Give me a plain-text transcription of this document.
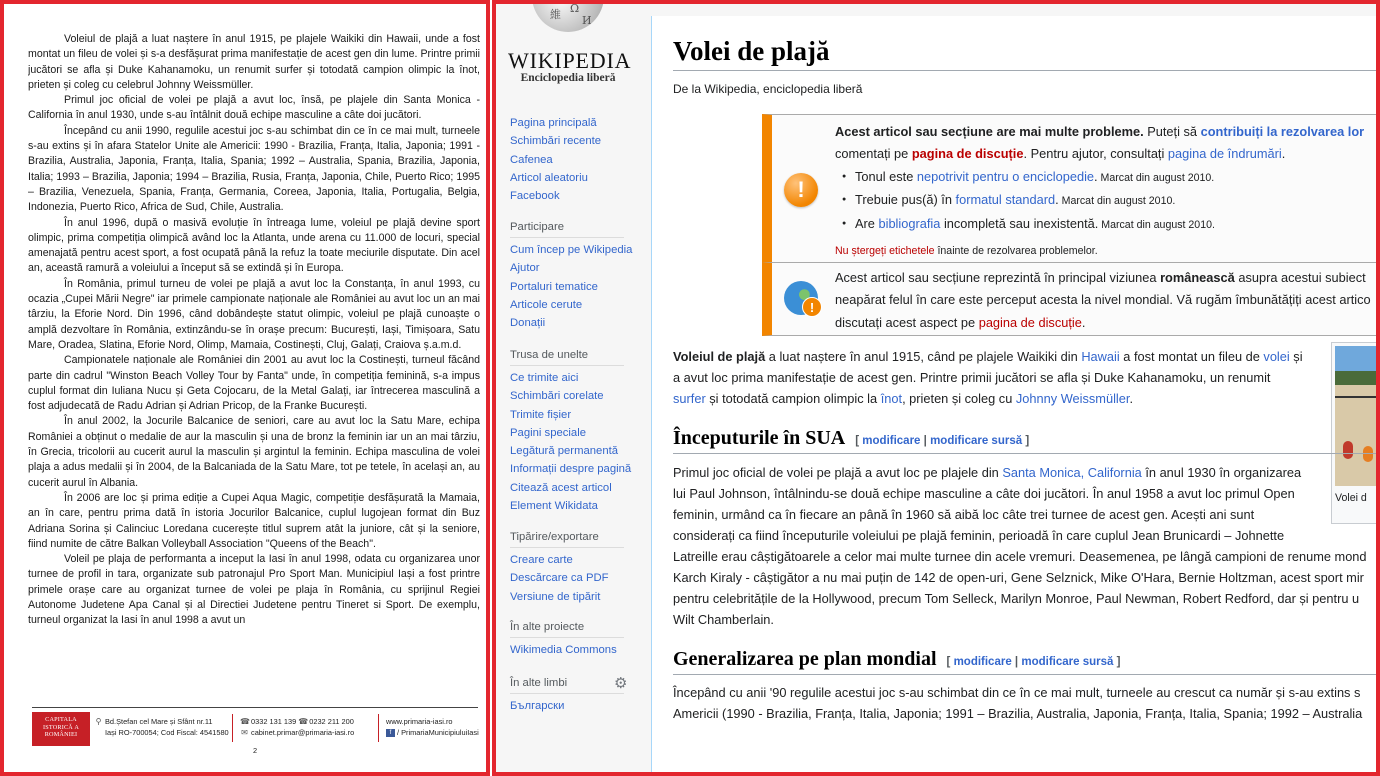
Voleiul de plajă a luat naștere în anul 1915, pe plajele Waikiki din Hawaii, unde a fost montat un fileu de volei și s-a desfășurat prima manifestație de acest gen din lume. Printre primii jucători se afla și Duke Kahanamoku, un renumit surfer și totodată campion olimpic la înot, prieten și coleg cu celebrul Johnny Weissmüller.

Primul joc oficial de volei pe plajă a avut loc, însă, pe plajele din Santa Monica - California în anul 1930, unde s-au întâlnit două echipe masculine a câte doi jucători.

Începând cu anii 1990, regulile acestui joc s-au schimbat din ce în ce mai mult, turneele s-au extins și în afara Statelor Unite ale Americii: 1990 - Brazilia, Franța, Italia, Japonia; 1991 - Brazilia, Australia, Japonia, Franța, Italia, Spania; 1992 – Australia, Spania, Brazilia, Japonia, Italia; 1993 – Brazilia, Japonia; 1994 – Brazilia, Rusia, Franța, Japonia, Chile, Puerto Rico; 1995 – Brazilia, Venezuela, Spania, Franța, Germania, Coreea, Japonia, Italia, Portugalia, Belgia, Indonezia, Puerto Rico, Africa de Sud, Chile, Australia.

În anul 1996, după o masivă evoluție în întreaga lume, voleiul pe plajă devine sport olimpic, prima competiția olimpică având loc la Atlanta, unde arena cu 11.000 de locuri, special amenajată pentru acest sport, a fost ocupată până la refuz la toate meciurile disputate. Din acel an, această ramură a voleiului a început să se extindă și în Europa.

În România, primul turneu de volei pe plajă a avut loc la Constanța, în anul 1993, cu ocazia „Cupei Mării Negre" iar primele campionate naționale ale României au avut loc un an mai târziu, la Eforie Nord. Din 1996, când dobândește statut olimpic, voleiul pe plajă cunoaște o amplă dezvoltare în România, extinzându-se în orașe precum: București, Iași, Timișoara, Satu Mare, Oradea, Slatina, Eforie Nord, Olimp, Mamaia, Costinești, Cluj, Galați, Craiova ș.a.m.d.

Campionatele naționale ale României din 2001 au avut loc la Costinești, turneul făcând parte din cadrul "Winston Beach Volley Tour by Fanta" unde, în competiția feminină, s-a impus cuplul format din Iuliana Nucu și Geta Cojocaru, de la Metal Galați, iar întrecerea masculină a fost adjudecată de Radu Adrian și Adrian Pricop, de la Franke București.

În anul 2002, la Jocurile Balcanice de seniori, care au avut loc la Satu Mare, echipa României a obținut o medalie de aur la masculin și una de bronz la feminin iar un an mai târziu, în Grecia, tricolorii au cucerit aurul la masculin și argintul la feminin. Echipa masculina de volei plaja a adus medalii și în 2004, de la Balcaniada de la Satu Mare, tot pe tetele, în același an, au cucerit aurul în Albania.

În 2006 are loc și prima ediție a Cupei Aqua Magic, competiție desfășurată la Mamaia, an în care, pentru prima dată în istoria Jocurilor Balcanice, cuplul lugojean format din Buz Adriana Sorina și Calinciuc Loredana cucerește titlul suprem atât la juniore, cât și la seniore, fiind numite de către Balkan Volleyball Association "Queens of the Beach".

Voleil pe plaja de performanta a inceput la Iasi în anul 1998, odata cu organizarea unor turnee de profil in tara, organizate sub patronajul Pro Sport Man. Municipiul Iași a fost printre primele orașe care au organizat turnee de volei pe plaja în România, cu sprijinul Regiei Autonome Judetene Apa Canal și al Directiei Judetene pentru Tineret si Sport. De exemplu, turneul organizat la Iasi în anul 1998 a avut un

CAPITALA ISTORICĂ A ROMÂNIEI
⚲ Bd.Ștefan cel Mare și Sfânt nr.11
Iași RO-700054; Cod Fiscal: 4541580
☎ 0332 131 139 ☎ 0232 211 200
✉ cabinet.primar@primaria-iasi.ro
www.primaria-iasi.ro
f / PrimariaMunicipiuluiIasi
2
維 Ω
И
WIKIPEDIA
Enciclopedia liberă
Pagina principală
Schimbări recente
Cafenea
Articol aleatoriu
Facebook
Participare
Cum încep pe Wikipedia
Ajutor
Portaluri tematice
Articole cerute
Donații
Trusa de unelte
Ce trimite aici
Schimbări corelate
Trimite fișier
Pagini speciale
Legătură permanentă
Informații despre pagină
Citează acest articol
Element Wikidata
Tipărire/exportare
Creare carte
Descărcare ca PDF
Versiune de tipărit
În alte proiecte
Wikimedia Commons
În alte limbi	⚙
Български
Volei de plajă
De la Wikipedia, enciclopedia liberă
!
Acest articol sau secțiune are mai multe probleme. Puteți să contribuiți la rezolvarea lor
comentați pe pagina de discuție. Pentru ajutor, consultați pagina de îndrumări.
● Tonul este nepotrivit pentru o enciclopedie. Marcat din august 2010.
● Trebuie pus(ă) în formatul standard. Marcat din august 2010.
● Are bibliografia incompletă sau inexistentă. Marcat din august 2010.
Nu ștergeți etichetele înainte de rezolvarea problemelor.
!
Acest articol sau secțiune reprezintă în principal viziunea românească asupra acestui subiect
neapărat felul în care este perceput acesta la nivel mondial. Vă rugăm îmbunătățiți acest artico
discutați acest aspect pe pagina de discuție.
Volei d
Voleiul de plajă a luat naștere în anul 1915, când pe plajele Waikiki din Hawaii a fost montat un fileu de volei și
a avut loc prima manifestație de acest gen. Printre primii jucători se afla și Duke Kahanamoku, un renumit
surfer și totodată campion olimpic la înot, prieten și coleg cu Johnny Weissmüller.
Începuturile în SUA [ modificare | modificare sursă ]
Primul joc oficial de volei pe plajă a avut loc pe plajele din Santa Monica, California în anul 1930 în organizarea
lui Paul Johnson, întâlnindu-se două echipe masculine a câte doi jucători. În anul 1958 a avut loc primul Open
feminin, urmând ca în fiecare an până în 1960 să aibă loc câte trei turnee de acest gen. Acești ani sunt
considerați ca fiind începuturile voleiului pe plajă feminin, perioadă în care cuplul Jean Brunicardi – Johnette
Latreille erau câștigătoarele a celor mai multe turnee din acele vremuri. Deasemenea, pe lângă campioni de renume mond
Karch Kiraly - câștigător a nu mai puțin de 142 de open-uri, Gene Selznick, Mike O'Hara, Bernie Holtzman, acest sport mir
pentru celebritățile de la Hollywood, precum Tom Selleck, Marilyn Monroe, Paul Newman, Robert Redford, dar și pentru u
Wilt Chamberlain.
Generalizarea pe plan mondial [ modificare | modificare sursă ]
Începând cu anii '90 regulile acestui joc s-au schimbat din ce în ce mai mult, turneele au crescut ca număr și s-au extins s
Americii (1990 - Brazilia, Franța, Italia, Japonia; 1991 – Brazilia, Australia, Japonia, Franța, Italia, Spania; 1992 – Australia
